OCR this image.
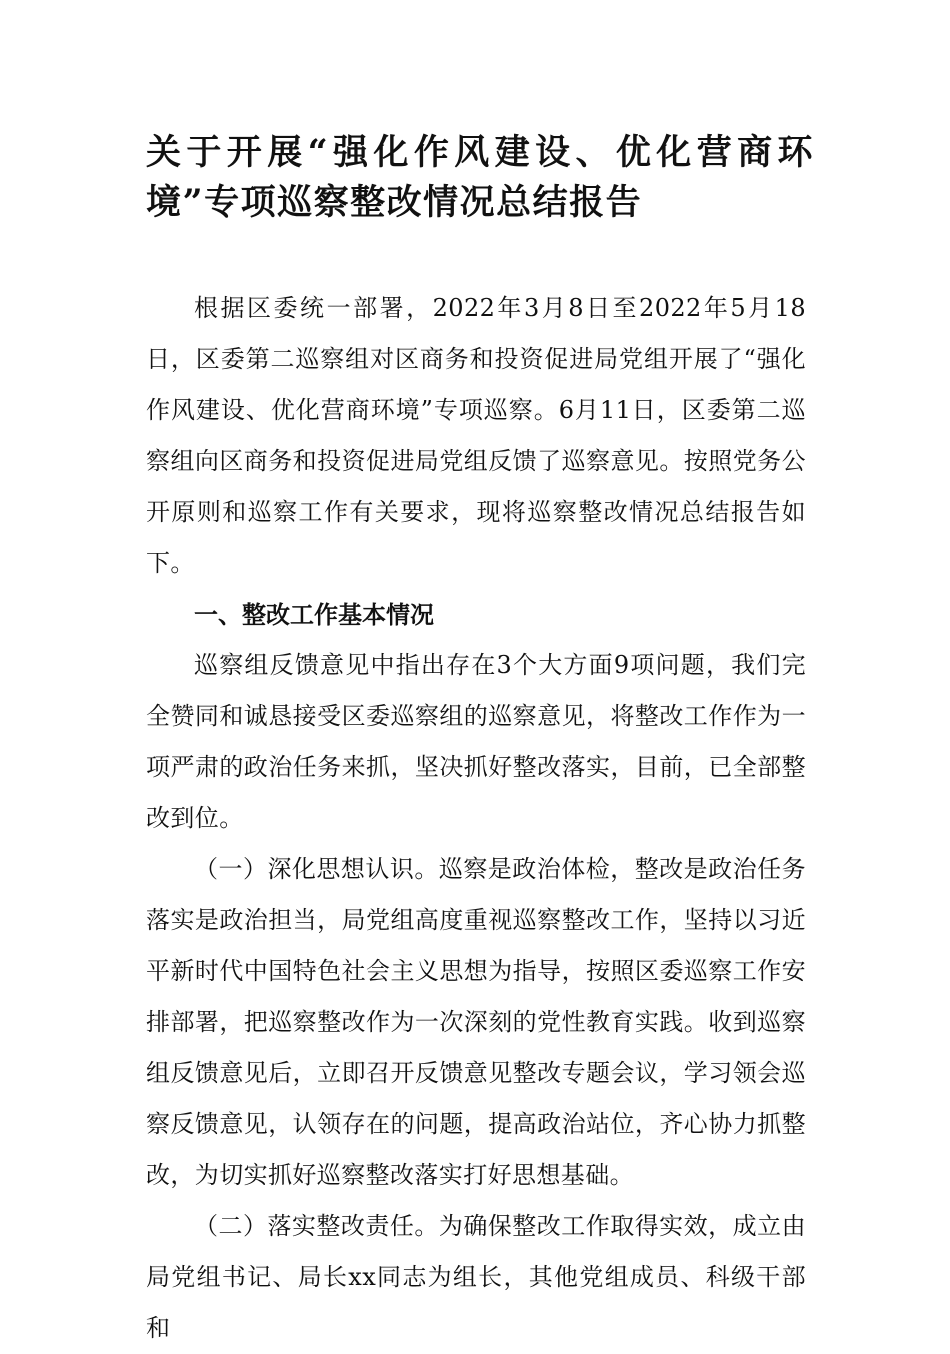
关于开展“强化作风建设、优化营商环境”专项巡察整改情况总结报告

根据区委统一部署，2022年3月8日至2022年5月18日，区委第二巡察组对区商务和投资促进局党组开展了“强化作风建设、优化营商环境”专项巡察。6月11日，区委第二巡察组向区商务和投资促进局党组反馈了巡察意见。按照党务公开原则和巡察工作有关要求，现将巡察整改情况总结报告如下。

一、整改工作基本情况

巡察组反馈意见中指出存在3个大方面9项问题，我们完全赞同和诚恳接受区委巡察组的巡察意见，将整改工作作为一项严肃的政治任务来抓，坚决抓好整改落实，目前，已全部整改到位。

（一）深化思想认识。巡察是政治体检，整改是政治任务落实是政治担当，局党组高度重视巡察整改工作，坚持以习近平新时代中国特色社会主义思想为指导，按照区委巡察工作安排部署，把巡察整改作为一次深刻的党性教育实践。收到巡察组反馈意见后，立即召开反馈意见整改专题会议，学习领会巡察反馈意见，认领存在的问题，提高政治站位，齐心协力抓整改，为切实抓好巡察整改落实打好思想基础。

（二）落实整改责任。为确保整改工作取得实效，成立由局党组书记、局长xx同志为组长，其他党组成员、科级干部和
